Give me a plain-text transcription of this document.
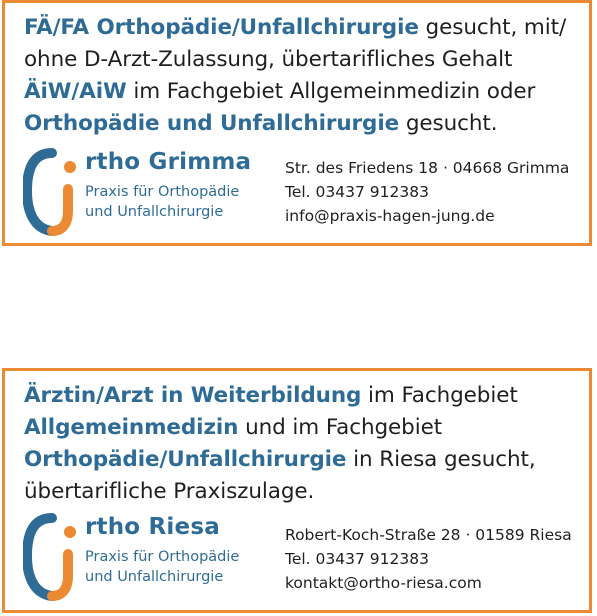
FÄ/FA Orthopädie/Unfallchirurgie gesucht, mit/
ohne D-Arzt-Zulassung, übertarifliches Gehalt
ÄiW/AiW im Fachgebiet Allgemeinmedizin oder
Orthopädie und Unfallchirurgie gesucht.
rtho Grimma
Praxis für Orthopädie
und Unfallchirurgie
Str. des Friedens 18 · 04668 Grimma
Tel. 03437 912383
info@praxis-hagen-jung.de
Ärztin/Arzt in Weiterbildung im Fachgebiet
Allgemeinmedizin und im Fachgebiet
Orthopädie/Unfallchirurgie in Riesa gesucht,
übertarifliche Praxiszulage.
rtho Riesa
Praxis für Orthopädie
und Unfallchirurgie
Robert-Koch-Straße 28 · 01589 Riesa
Tel. 03437 912383
kontakt@ortho-riesa.com
